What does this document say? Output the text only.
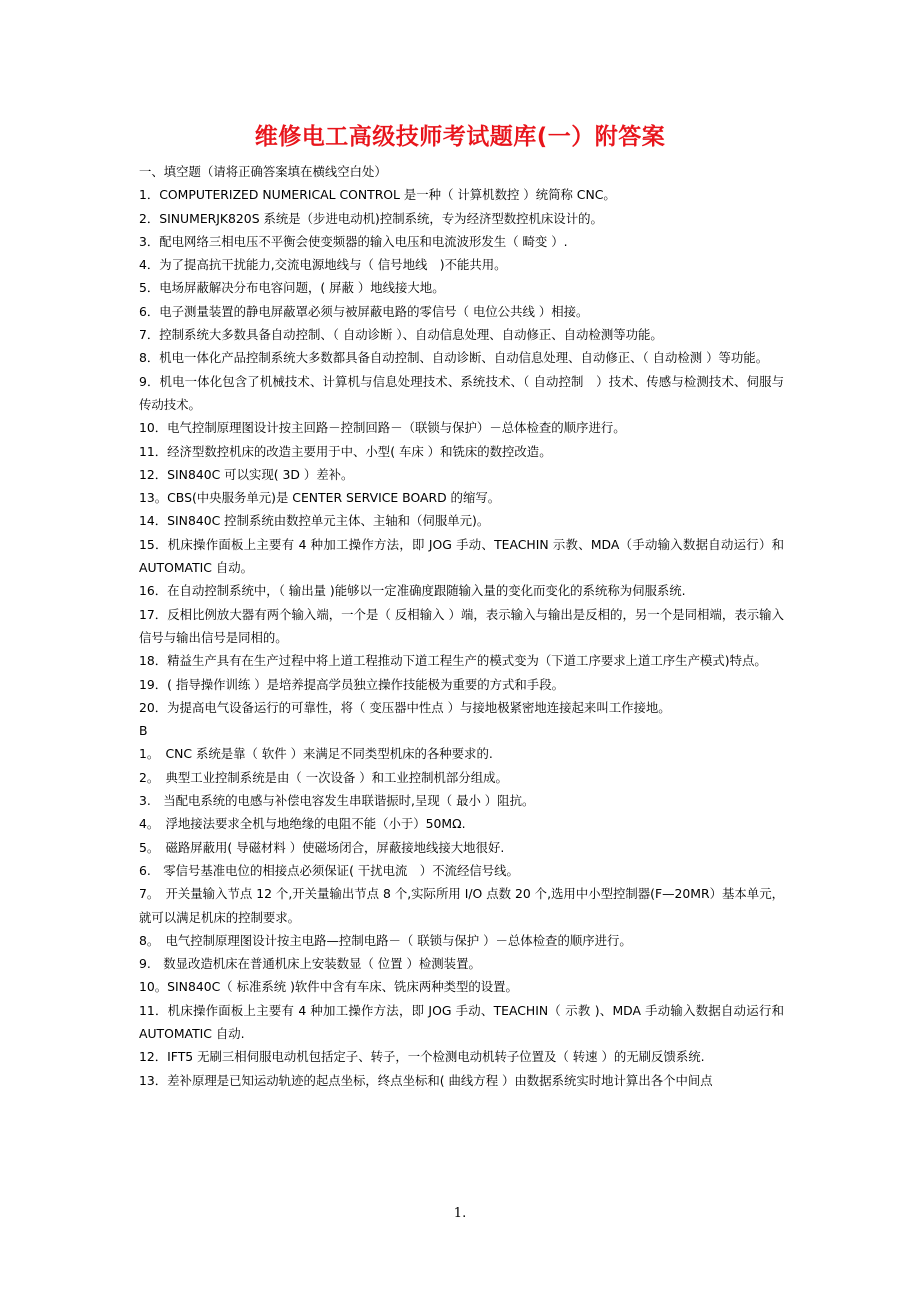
维修电工高级技师考试题库(一）附答案
一、填空题（请将正确答案填在横线空白处）
1．COMPUTERIZED NUMERICAL CONTROL 是一种（ 计算机数控 ）统简称 CNC。
2．SINUMERJK820S 系统是（步进电动机)控制系统，专为经济型数控机床设计的。
3．配电网络三相电压不平衡会使变频器的输入电压和电流波形发生（ 畸变 ）.
4．为了提高抗干扰能力,交流电源地线与（ 信号地线　)不能共用。
5．电场屏蔽解决分布电容问题，( 屏蔽 ）地线接大地。
6．电子测量装置的静电屏蔽罩必须与被屏蔽电路的零信号（ 电位公共线 ）相接。
7．控制系统大多数具备自动控制、（ 自动诊断 ）、自动信息处理、自动修正、自动检测等功能。
8．机电一体化产品控制系统大多数都具备自动控制、自动诊断、自动信息处理、自动修正、（ 自动检测 ）等功能。
9．机电一体化包含了机械技术、计算机与信息处理技术、系统技术、（ 自动控制　）技术、传感与检测技术、伺服与传动技术。
10．电气控制原理图设计按主回路－控制回路－（联锁与保护）－总体检查的顺序进行。
11．经济型数控机床的改造主要用于中、小型( 车床 ）和铣床的数控改造。
12．SIN840C 可以实现( 3D ）差补。
13。CBS(中央服务单元)是 CENTER SERVICE BOARD 的缩写。
14．SIN840C 控制系统由数控单元主体、主轴和（伺服单元)。
15．机床操作面板上主要有 4 种加工操作方法，即 JOG 手动、TEACHIN 示教、MDA（手动输入数据自动运行）和 AUTOMATIC 自动。
16．在自动控制系统中，（ 输出量 )能够以一定准确度跟随输入量的变化而变化的系统称为伺服系统.
17．反相比例放大器有两个输入端，一个是（ 反相输入 ）端，表示输入与输出是反相的，另一个是同相端，表示输入信号与输出信号是同相的。
18．精益生产具有在生产过程中将上道工程推动下道工程生产的模式变为（下道工序要求上道工序生产模式)特点。
19．( 指导操作训练 ）是培养提高学员独立操作技能极为重要的方式和手段。
20．为提高电气设备运行的可靠性，将（ 变压器中性点 ）与接地极紧密地连接起来叫工作接地。
B
1。　CNC 系统是靠（ 软件 ）来满足不同类型机床的各种要求的.
2。　典型工业控制系统是由（ 一次设备 ）和工业控制机部分组成。
3.　当配电系统的电感与补偿电容发生串联谐振时,呈现（ 最小 ）阻抗。
4。　浮地接法要求全机与地绝缘的电阻不能（小于）50MΩ.
5。　磁路屏蔽用( 导磁材料 ）使磁场闭合，屏蔽接地线接大地很好.
6.　零信号基准电位的相接点必须保证( 干扰电流　）不流经信号线。
7。　开关量输入节点 12 个,开关量输出节点 8 个,实际所用 I/O 点数 20 个,选用中小型控制器(F—20MR）基本单元，就可以满足机床的控制要求。
8。　电气控制原理图设计按主电路—控制电路－（ 联锁与保护 ）－总体检查的顺序进行。
9.　数显改造机床在普通机床上安装数显（ 位置 ）检测装置。
10。SIN840C（ 标准系统 )软件中含有车床、铣床两种类型的设置。
11．机床操作面板上主要有 4 种加工操作方法，即 JOG 手动、TEACHIN（ 示教 )、MDA 手动输入数据自动运行和 AUTOMATIC 自动.
12．IFT5 无刷三相伺服电动机包括定子、转子，一个检测电动机转子位置及（ 转速 ）的无刷反馈系统.
13．差补原理是已知运动轨迹的起点坐标，终点坐标和( 曲线方程 ）由数据系统实时地计算出各个中间点
1.
